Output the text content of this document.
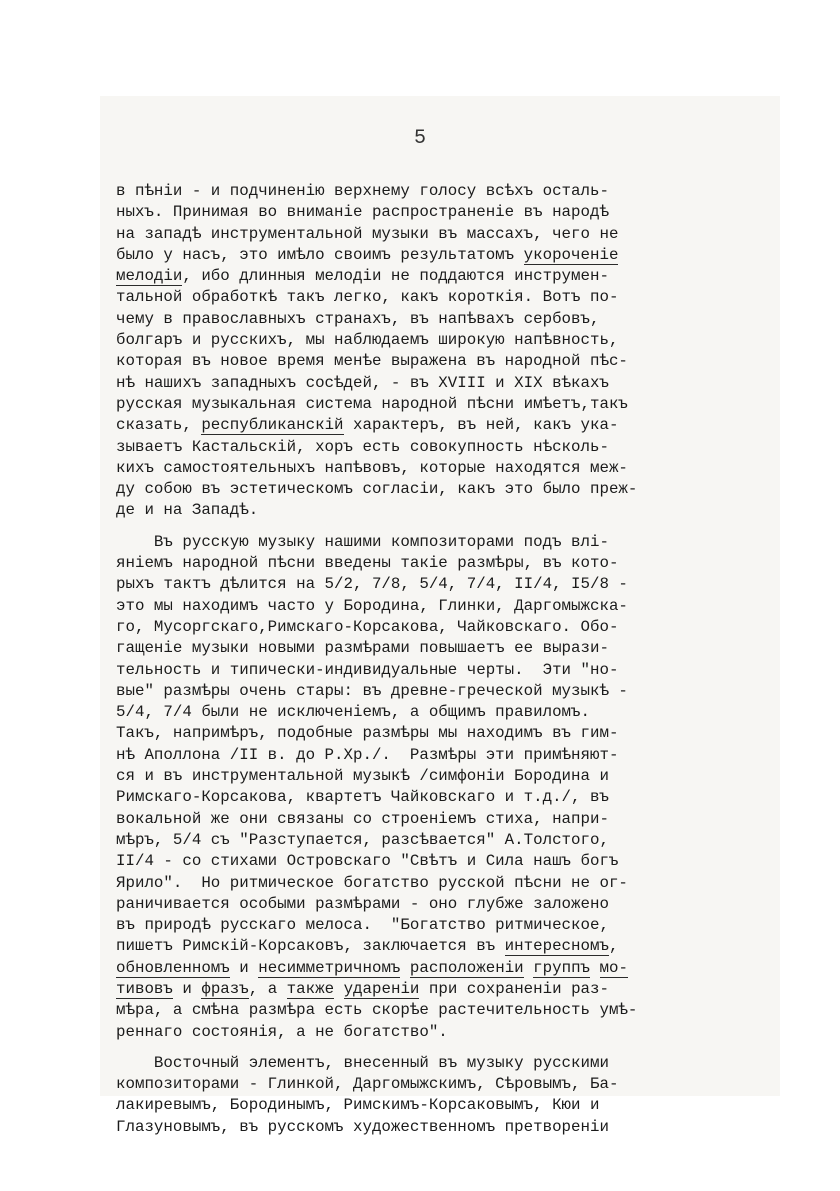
5
в пѣнiи - и подчиненiю верхнему голосу всѣхъ осталь-
ныхъ. Принимая во вниманiе распространенiе въ народѣ
на западѣ инструментальной музыки въ массахъ, чего не
было у насъ, это имѣло своимъ результатомъ укороченiе
мелодiи, ибо длинныя мелодiи не поддаются инструмен-
тальной обработкѣ такъ легко, какъ короткiя. Вотъ по-
чему в православныхъ странахъ, въ напѣвахъ сербовъ,
болгаръ и русскихъ, мы наблюдаемъ широкую напѣвность,
которая въ новое время менѣе выражена въ народной пѣс-
нѣ нашихъ западныхъ сосѣдей, - въ XVIII и XIX вѣкахъ
русская музыкальная система народной пѣсни имѣетъ,такъ
сказать, республиканскiй характеръ, въ ней, какъ ука-
зываетъ Кастальскiй, хоръ есть совокупность нѣсколь-
кихъ самостоятельныхъ напѣвовъ, которые находятся меж-
ду собою въ эстетическомъ согласiи, какъ это было преж-
де и на Западѣ.
Въ русскую музыку нашими композиторами подъ влi-
янiемъ народной пѣсни введены такiе размѣры, въ кото-
рыхъ тактъ дѣлится на 5/2, 7/8, 5/4, 7/4, II/4, I5/8 -
это мы находимъ часто у Бородина, Глинки, Даргомыжска-
го, Мусоргскаго,Римскаго-Корсакова, Чайковскаго. Обо-
гащенiе музыки новыми размѣрами повышаетъ ее вырази-
тельность и типически-индивидуальные черты.  Эти "но-
вые" размѣры очень стары: въ древне-греческой музыкѣ -
5/4, 7/4 были не исключенiемъ, а общимъ правиломъ.
Такъ, напримѣръ, подобные размѣры мы находимъ въ гим-
нѣ Аполлона /II в. до Р.Хр./.  Размѣры эти примѣняют-
ся и въ инструментальной музыкѣ /симфонiи Бородина и
Римскаго-Корсакова, квартетъ Чайковскаго и т.д./, въ
вокальной же они связаны со строенiемъ стиха, напри-
мѣръ, 5/4 съ "Разступается, разсѣвается" А.Толстого,
II/4 - со стихами Островскаго "Свѣтъ и Сила нашъ богъ
Ярило".  Но ритмическое богатство русской пѣсни не ог-
раничивается особыми размѣрами - оно глубже заложено
въ природѣ русскаго мелоса.  "Богатство ритмическое,
пишетъ Римскiй-Корсаковъ, заключается въ интересномъ,
обновленномъ и несимметричномъ расположенiи группъ мо-
тивовъ и фразъ, а также ударенiи при сохраненiи раз-
мѣра, а смѣна размѣра есть скорѣе растечительность умѣ-
реннаго состоянiя, а не богатство".
Восточный элементъ, внесенный въ музыку русскими
композиторами - Глинкой, Даргомыжскимъ, Сѣровымъ, Ба-
лакиревымъ, Бородинымъ, Римскимъ-Корсаковымъ, Кюи и
Глазуновымъ, въ русскомъ художественномъ претворенiи
